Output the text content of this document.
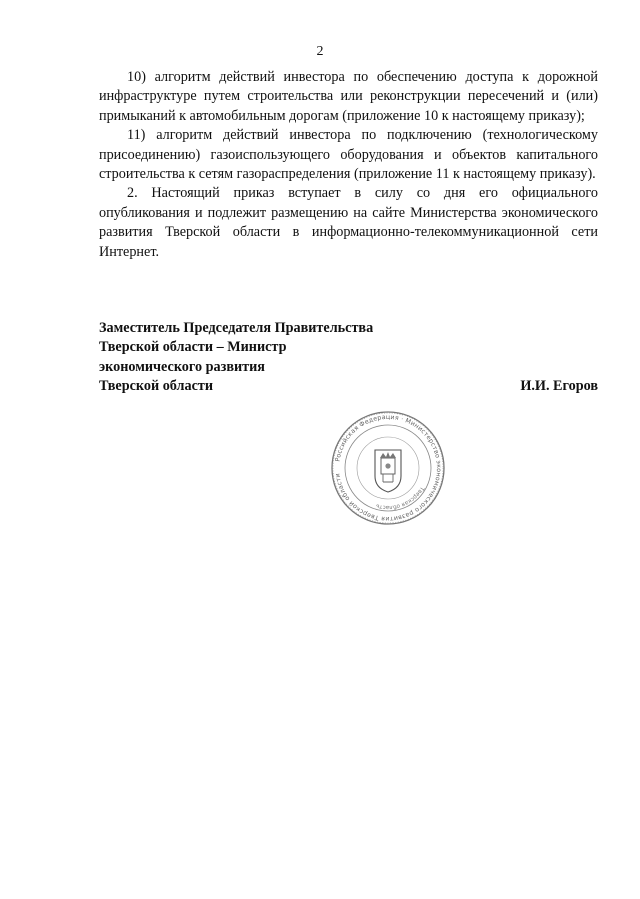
2

10) алгоритм действий инвестора по обеспечению доступа к дорожной инфраструктуре путем строительства или реконструкции пересечений и (или) примыканий к автомобильным дорогам (приложение 10 к настоящему приказу);

11) алгоритм действий инвестора по подключению (технологическому присоединению) газоиспользующего оборудования и объектов капитального строительства к сетям газораспределения (приложение 11 к настоящему приказу).

2. Настоящий приказ вступает в силу со дня его официального опубликования и подлежит размещению на сайте Министерства экономического развития Тверской области в информационно-телекоммуникационной сети Интернет.

Заместитель Председателя Правительства
Тверской области – Министр
экономического развития
Тверской области	И.И. Егоров
Российская Федерация · Министерство экономического развития Тверской области
Тверская область
